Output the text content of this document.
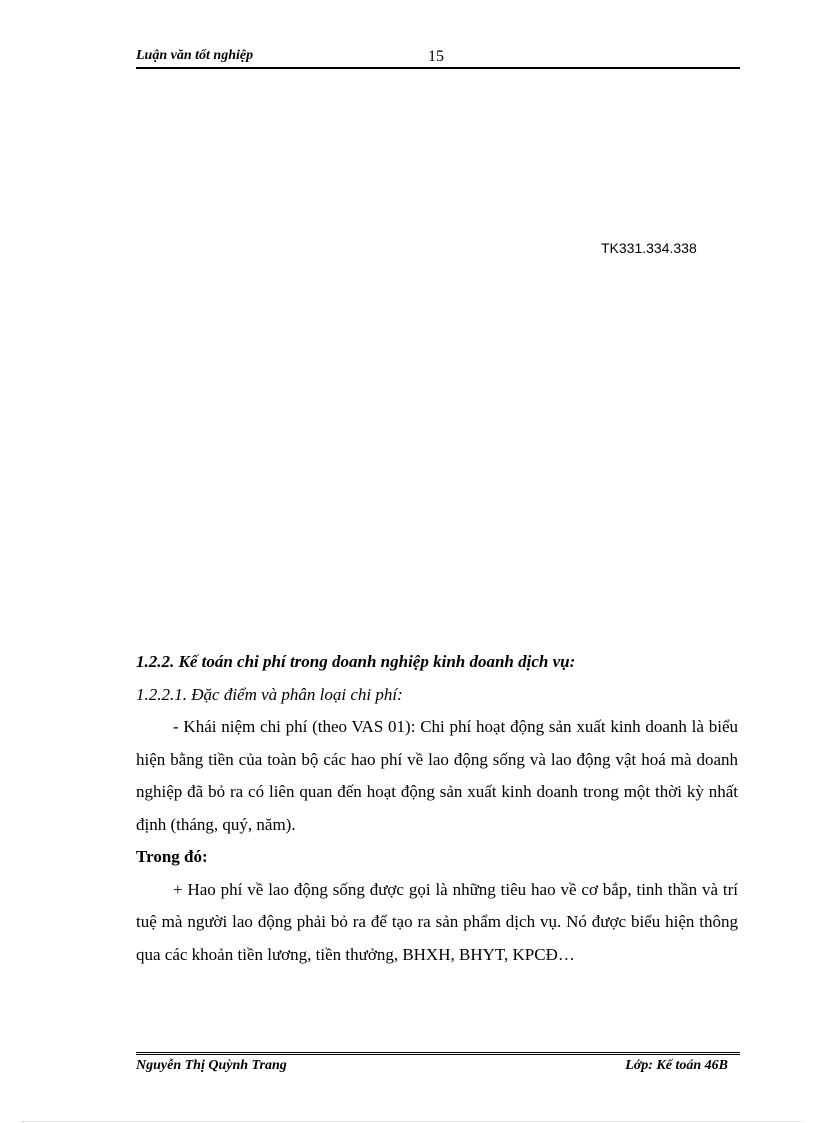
Luận văn tốt nghiệp	15
TK331.334.338

1.2.2. Kế toán chi phí trong doanh nghiệp kinh doanh dịch vụ:

1.2.2.1. Đặc điểm và phân loại chi phí:

- Khái niệm chi phí (theo VAS 01): Chi phí hoạt động sản xuất kinh doanh là biểu hiện bằng tiền của toàn bộ các hao phí về lao động sống và lao động vật hoá mà doanh nghiệp đã bỏ ra có liên quan đến hoạt động sản xuất kinh doanh trong một thời kỳ nhất định (tháng, quý, năm).

Trong đó:

+ Hao phí về lao động sống được gọi là những tiêu hao về cơ bắp, tinh thần và trí tuệ mà người lao động phải bỏ ra để tạo ra sản phẩm dịch vụ. Nó được biểu hiện thông qua các khoản tiền lương, tiền thưởng, BHXH, BHYT, KPCĐ…

Nguyễn Thị Quỳnh Trang	Lớp: Kế toán 46B
